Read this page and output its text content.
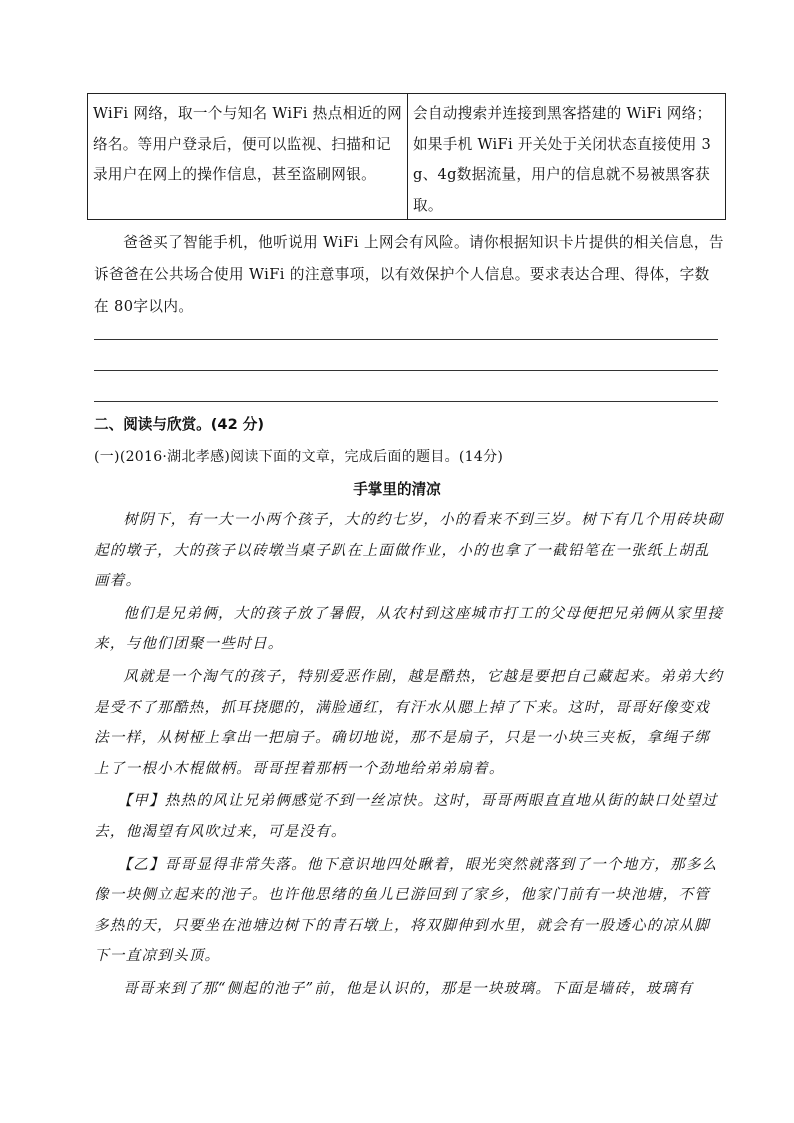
WiFi 网络，取一个与知名 WiFi 热点相近的网络名。等用户登录后，便可以监视、扫描和记录用户在网上的操作信息，甚至盗刷网银。
会自动搜索并连接到黑客搭建的 WiFi 网络；如果手机 WiFi 开关处于关闭状态直接使用 3g、4g数据流量，用户的信息就不易被黑客获取。

爸爸买了智能手机，他听说用 WiFi 上网会有风险。请你根据知识卡片提供的相关信息，告诉爸爸在公共场合使用 WiFi 的注意事项，以有效保护个人信息。要求表达合理、得体，字数在 80字以内。

二、阅读与欣赏。(42 分)

(一)(2016·湖北孝感)阅读下面的文章，完成后面的题目。(14分)

手掌里的清凉

树阴下，有一大一小两个孩子，大的约七岁，小的看来不到三岁。树下有几个用砖块砌起的墩子，大的孩子以砖墩当桌子趴在上面做作业，小的也拿了一截铅笔在一张纸上胡乱画着。

他们是兄弟俩，大的孩子放了暑假，从农村到这座城市打工的父母便把兄弟俩从家里接来，与他们团聚一些时日。

风就是一个淘气的孩子，特别爱恶作剧，越是酷热，它越是要把自己藏起来。弟弟大约是受不了那酷热，抓耳挠腮的，满脸通红，有汗水从腮上掉了下来。这时，哥哥好像变戏法一样，从树桠上拿出一把扇子。确切地说，那不是扇子，只是一小块三夹板，拿绳子绑上了一根小木棍做柄。哥哥捏着那柄一个劲地给弟弟扇着。

【甲】热热的风让兄弟俩感觉不到一丝凉快。这时，哥哥两眼直直地从街的缺口处望过去，他渴望有风吹过来，可是没有。

【乙】哥哥显得非常失落。他下意识地四处瞅着，眼光突然就落到了一个地方，那多么像一块侧立起来的池子。也许他思绪的鱼儿已游回到了家乡，他家门前有一块池塘，不管多热的天，只要坐在池塘边树下的青石墩上，将双脚伸到水里，就会有一股透心的凉从脚下一直凉到头顶。

哥哥来到了那“侧起的池子”前，他是认识的，那是一块玻璃。下面是墙砖，玻璃有
